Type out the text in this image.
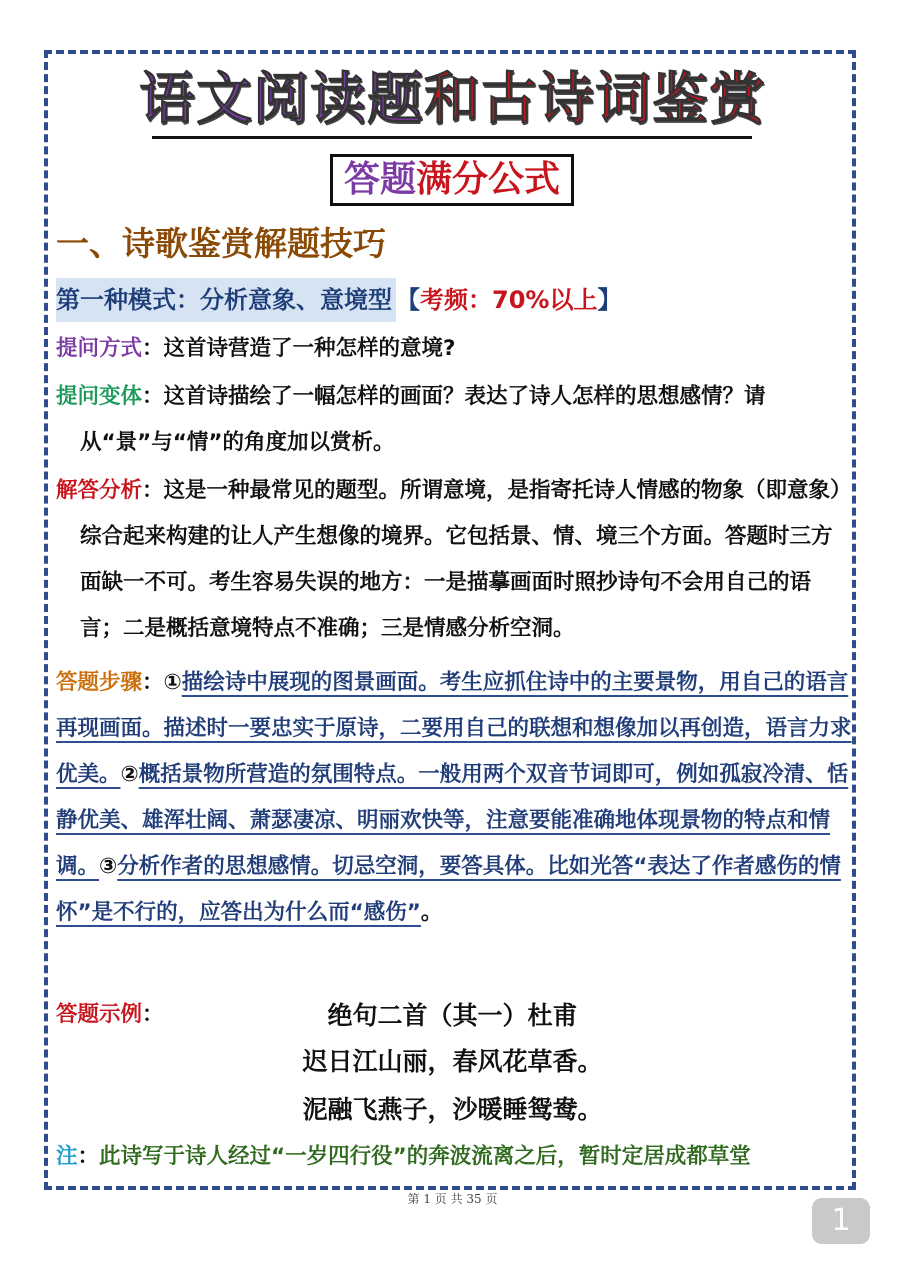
语文阅读题和古诗词鉴赏
答题满分公式
一、诗歌鉴赏解题技巧
第一种模式：分析意象、意境型 【考频：70%以上】
提问方式：这首诗营造了一种怎样的意境?
提问变体：这首诗描绘了一幅怎样的画面？表达了诗人怎样的思想感情？请从“景”与“情”的角度加以赏析。
解答分析：这是一种最常见的题型。所谓意境，是指寄托诗人情感的物象（即意象）综合起来构建的让人产生想像的境界。它包括景、情、境三个方面。答题时三方面缺一不可。考生容易失误的地方：一是描摹画面时照抄诗句不会用自己的语言；二是概括意境特点不准确；三是情感分析空洞。
答题步骤：①描绘诗中展现的图景画面。考生应抓住诗中的主要景物，用自己的语言再现画面。描述时一要忠实于原诗，二要用自己的联想和想像加以再创造，语言力求优美。②概括景物所营造的氛围特点。一般用两个双音节词即可，例如孤寂冷清、恬静优美、雄浑壮阔、萧瑟凄凉、明丽欢快等，注意要能准确地体现景物的特点和情调。③分析作者的思想感情。切忌空洞，要答具体。比如光答“表达了作者感伤的情怀”是不行的，应答出为什么而“感伤”。
答题示例：	绝句二首（其一）杜甫
迟日江山丽，春风花草香。
泥融飞燕子，沙暖睡鸳鸯。
注：此诗写于诗人经过“一岁四行役”的奔波流离之后，暂时定居成都草堂
第 1 页 共 35 页
1
